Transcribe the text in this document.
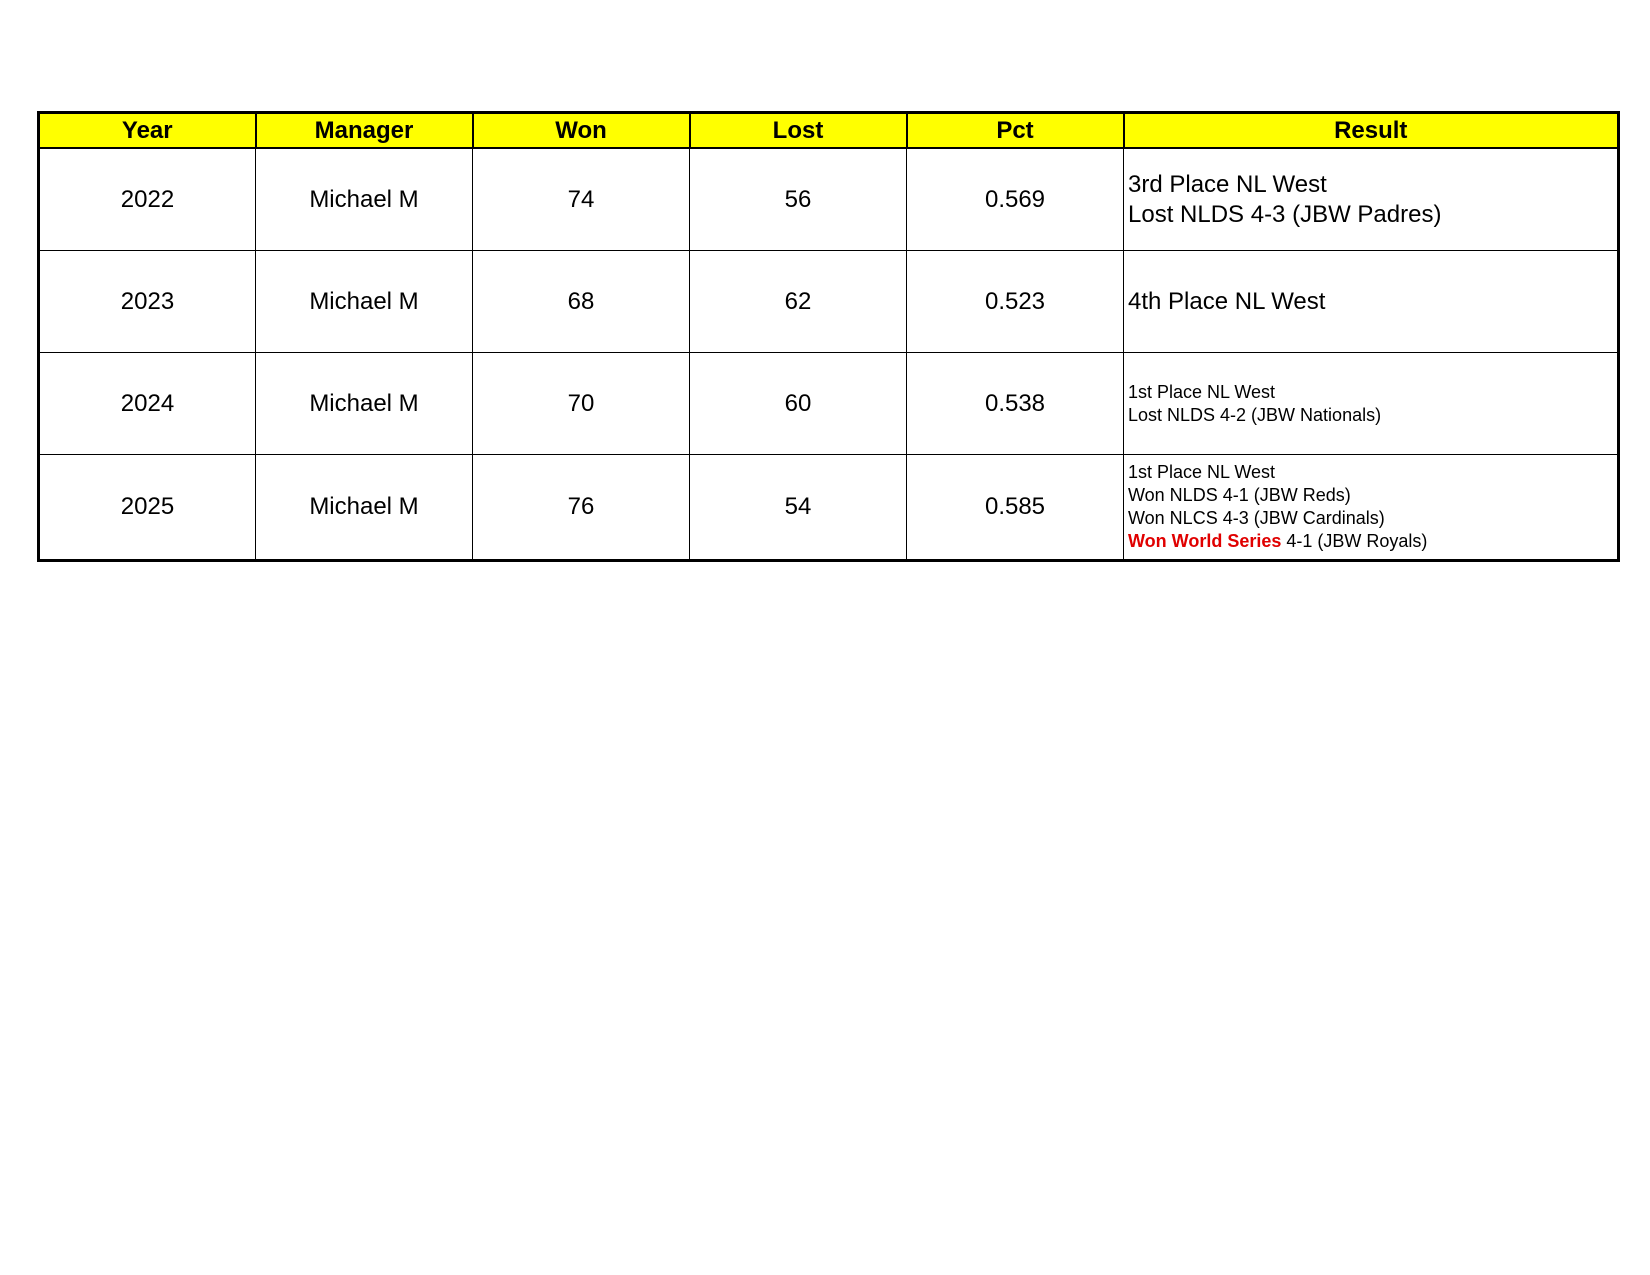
Year	Manager	Won	Lost	Pct	Result
2022	Michael M	74	56	0.569	3rd Place NL West
Lost NLDS 4-3 (JBW Padres)

2023	Michael M	68	62	0.523	4th Place NL West

2024	Michael M	70	60	0.538	1st Place NL West
Lost NLDS 4-2 (JBW Nationals)

2025	Michael M	76	54	0.585	1st Place NL West
Won NLDS 4-1 (JBW Reds)
Won NLCS 4-3 (JBW Cardinals)
Won World Series 4-1 (JBW Royals)
